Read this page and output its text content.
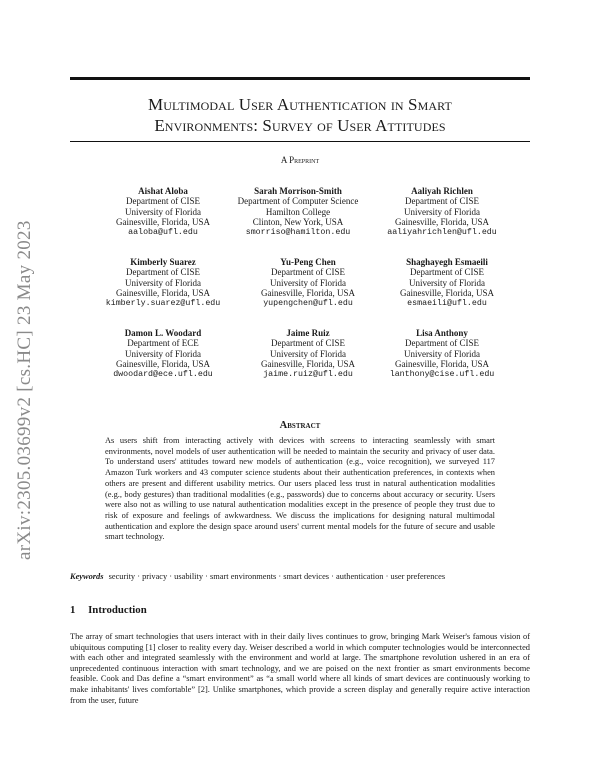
arXiv:2305.03699v2 [cs.HC] 23 May 2023
Multimodal User Authentication in Smart
Environments: Survey of User Attitudes
A Preprint
Aishat Aloba
Department of CISE
University of Florida
Gainesville, Florida, USA
aaloba@ufl.edu
Sarah Morrison-Smith
Department of Computer Science
Hamilton College
Clinton, New York, USA
smorriso@hamilton.edu
Aaliyah Richlen
Department of CISE
University of Florida
Gainesville, Florida, USA
aaliyahrichlen@ufl.edu
Kimberly Suarez
Department of CISE
University of Florida
Gainesville, Florida, USA
kimberly.suarez@ufl.edu
Yu-Peng Chen
Department of CISE
University of Florida
Gainesville, Florida, USA
yupengchen@ufl.edu
Shaghayegh Esmaeili
Department of CISE
University of Florida
Gainesville, Florida, USA
esmaeili@ufl.edu
Damon L. Woodard
Department of ECE
University of Florida
Gainesville, Florida, USA
dwoodard@ece.ufl.edu
Jaime Ruiz
Department of CISE
University of Florida
Gainesville, Florida, USA
jaime.ruiz@ufl.edu
Lisa Anthony
Department of CISE
University of Florida
Gainesville, Florida, USA
lanthony@cise.ufl.edu
Abstract
As users shift from interacting actively with devices with screens to interacting seamlessly with smart environments, novel models of user authentication will be needed to maintain the security and privacy of user data. To understand users' attitudes toward new models of authentication (e.g., voice recognition), we surveyed 117 Amazon Turk workers and 43 computer science students about their authentication preferences, in contexts when others are present and different usability metrics. Our users placed less trust in natural authentication modalities (e.g., body gestures) than traditional modalities (e.g., passwords) due to concerns about accuracy or security. Users were also not as willing to use natural authentication modalities except in the presence of people they trust due to risk of exposure and feelings of awkwardness. We discuss the implications for designing natural multimodal authentication and explore the design space around users' current mental models for the future of secure and usable smart technology.
Keywords security · privacy · usability · smart environments · smart devices · authentication · user preferences
1 Introduction
The array of smart technologies that users interact with in their daily lives continues to grow, bringing Mark Weiser's famous vision of ubiquitous computing [1] closer to reality every day. Weiser described a world in which computer technologies would be interconnected with each other and integrated seamlessly with the environment and world at large. The smartphone revolution ushered in an era of unprecedented continuous interaction with smart technology, and we are poised on the next frontier as smart environments become feasible. Cook and Das define a “smart environment” as “a small world where all kinds of smart devices are continuously working to make inhabitants' lives comfortable” [2]. Unlike smartphones, which provide a screen display and generally require active interaction from the user, future
